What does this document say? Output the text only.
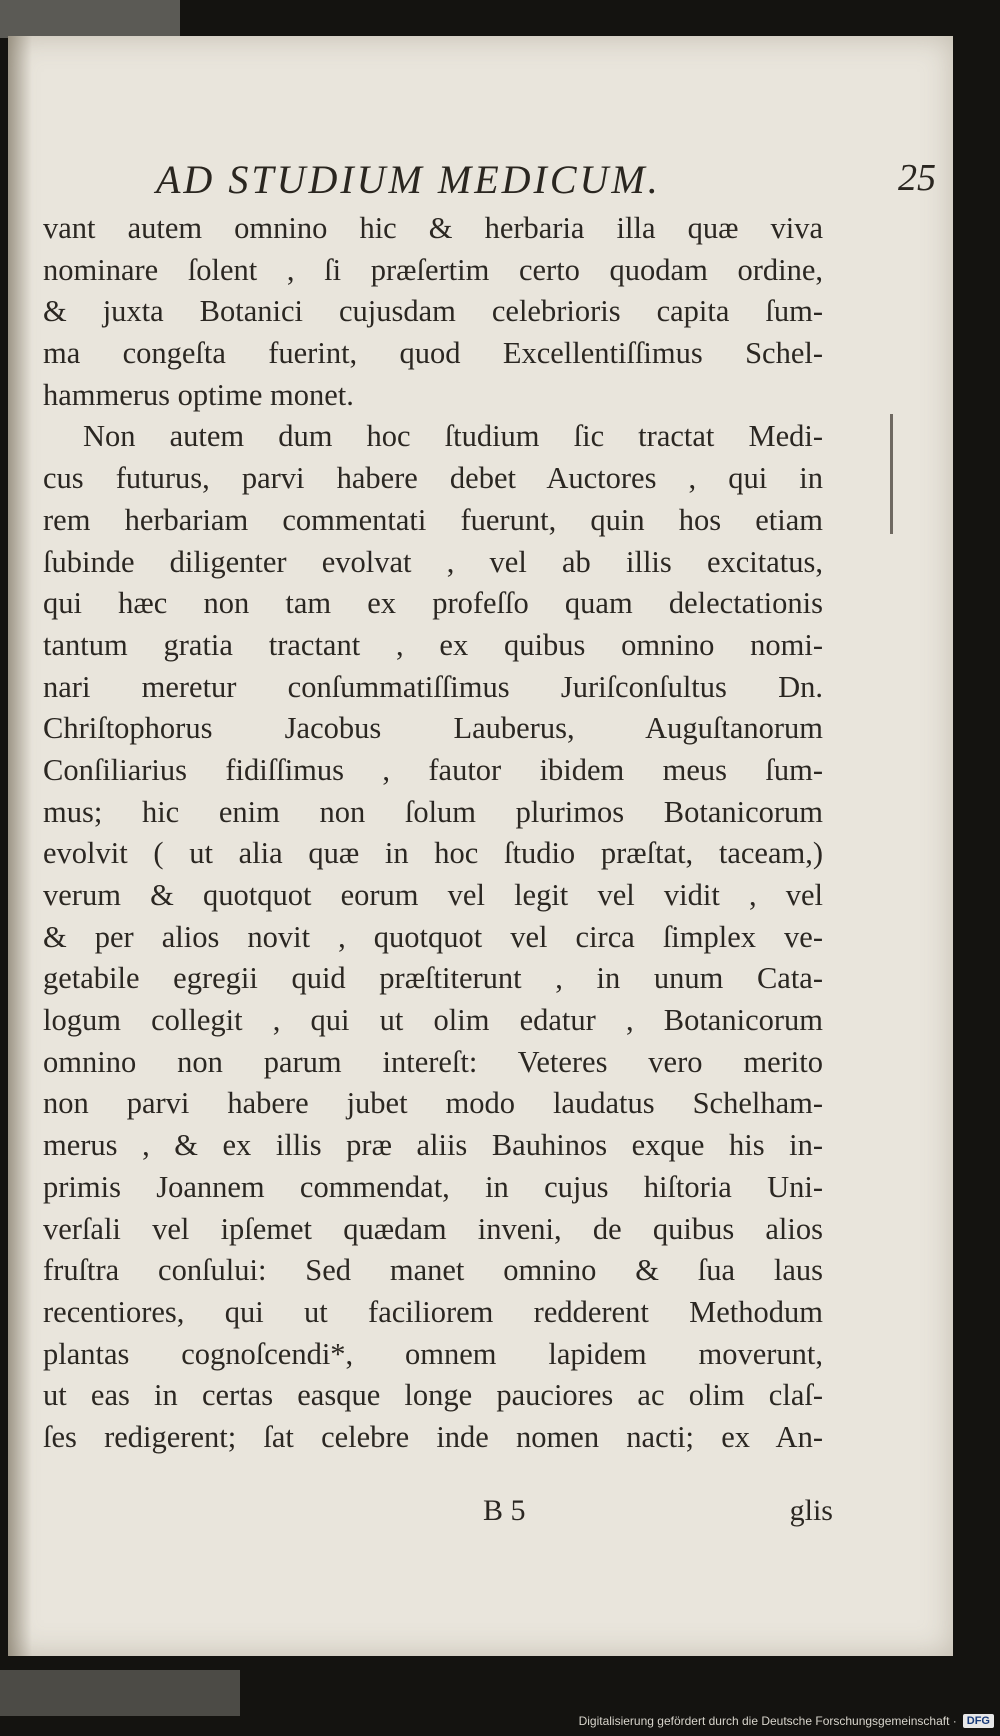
AD STUDIUM MEDICUM.	25
vant autem omnino hic & herbaria illa quæ viva
nominare ſolent , ſi præſertim certo quodam ordine,
& juxta Botanici cujusdam celebrioris capita ſum-
ma congeſta fuerint, quod Excellentiſſimus Schel-
hammerus optime monet.
Non autem dum hoc ſtudium ſic tractat Medi-
cus futurus, parvi habere debet Auctores , qui in
rem herbariam commentati fuerunt, quin hos etiam
ſubinde diligenter evolvat , vel ab illis excitatus,
qui hæc non tam ex profeſſo quam delectationis
tantum gratia tractant , ex quibus omnino nomi-
nari meretur conſummatiſſimus Juriſconſultus Dn.
Chriſtophorus Jacobus Lauberus, Auguſtanorum
Conſiliarius fidiſſimus , fautor ibidem meus ſum-
mus; hic enim non ſolum plurimos Botanicorum
evolvit ( ut alia quæ in hoc ſtudio præſtat, taceam,)
verum & quotquot eorum vel legit vel vidit , vel
& per alios novit , quotquot vel circa ſimplex ve-
getabile egregii quid præſtiterunt , in unum Cata-
logum collegit , qui ut olim edatur , Botanicorum
omnino non parum intereſt: Veteres vero merito
non parvi habere jubet modo laudatus Schelham-
merus , & ex illis præ aliis Bauhinos exque his in-
primis Joannem commendat, in cujus hiſtoria Uni-
verſali vel ipſemet quædam inveni, de quibus alios
fruſtra conſului: Sed manet omnino & ſua laus
recentiores, qui ut faciliorem redderent Methodum
plantas cognoſcendi*, omnem lapidem moverunt,
ut eas in certas easque longe pauciores ac olim claſ-
ſes redigerent; ſat celebre inde nomen nacti; ex An-
B 5	glis
Digitalisierung gefördert durch die Deutsche Forschungsgemeinschaft · DFG
